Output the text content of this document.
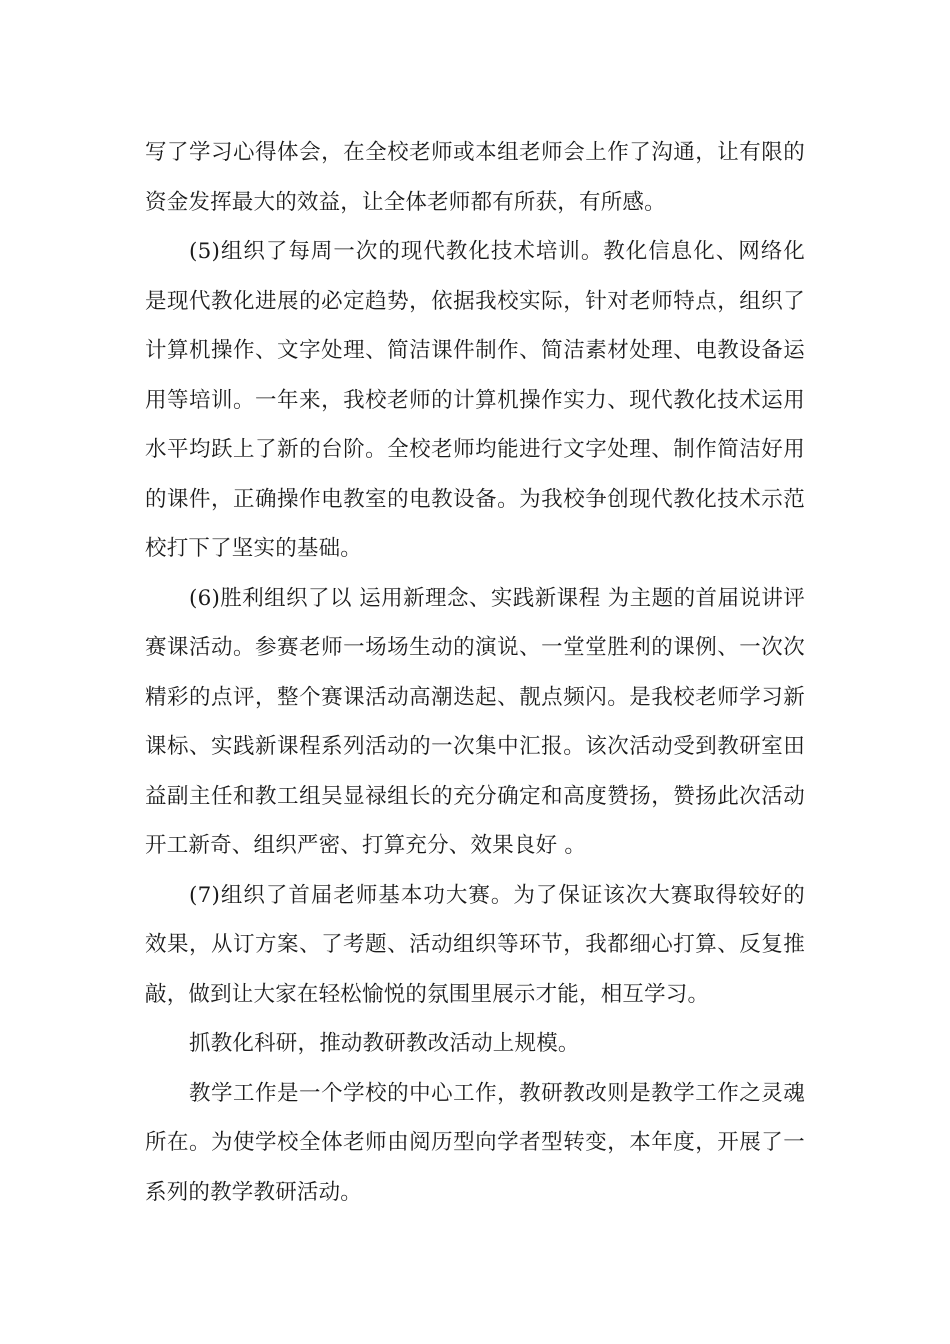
写了学习心得体会，在全校老师或本组老师会上作了沟通，让有限的资金发挥最大的效益，让全体老师都有所获，有所感。

(5)组织了每周一次的现代教化技术培训。教化信息化、网络化是现代教化进展的必定趋势，依据我校实际，针对老师特点，组织了计算机操作、文字处理、简洁课件制作、简洁素材处理、电教设备运用等培训。一年来，我校老师的计算机操作实力、现代教化技术运用水平均跃上了新的台阶。全校老师均能进行文字处理、制作简洁好用的课件，正确操作电教室的电教设备。为我校争创现代教化技术示范校打下了坚实的基础。

(6)胜利组织了以 运用新理念、实践新课程 为主题的首届说讲评赛课活动。参赛老师一场场生动的演说、一堂堂胜利的课例、一次次精彩的点评，整个赛课活动高潮迭起、靓点频闪。是我校老师学习新课标、实践新课程系列活动的一次集中汇报。该次活动受到教研室田益副主任和教工组吴显禄组长的充分确定和高度赞扬，赞扬此次活动 开工新奇、组织严密、打算充分、效果良好 。

(7)组织了首届老师基本功大赛。为了保证该次大赛取得较好的效果，从订方案、了考题、活动组织等环节，我都细心打算、反复推敲，做到让大家在轻松愉悦的氛围里展示才能，相互学习。

抓教化科研，推动教研教改活动上规模。

教学工作是一个学校的中心工作，教研教改则是教学工作之灵魂所在。为使学校全体老师由阅历型向学者型转变，本年度，开展了一系列的教学教研活动。
